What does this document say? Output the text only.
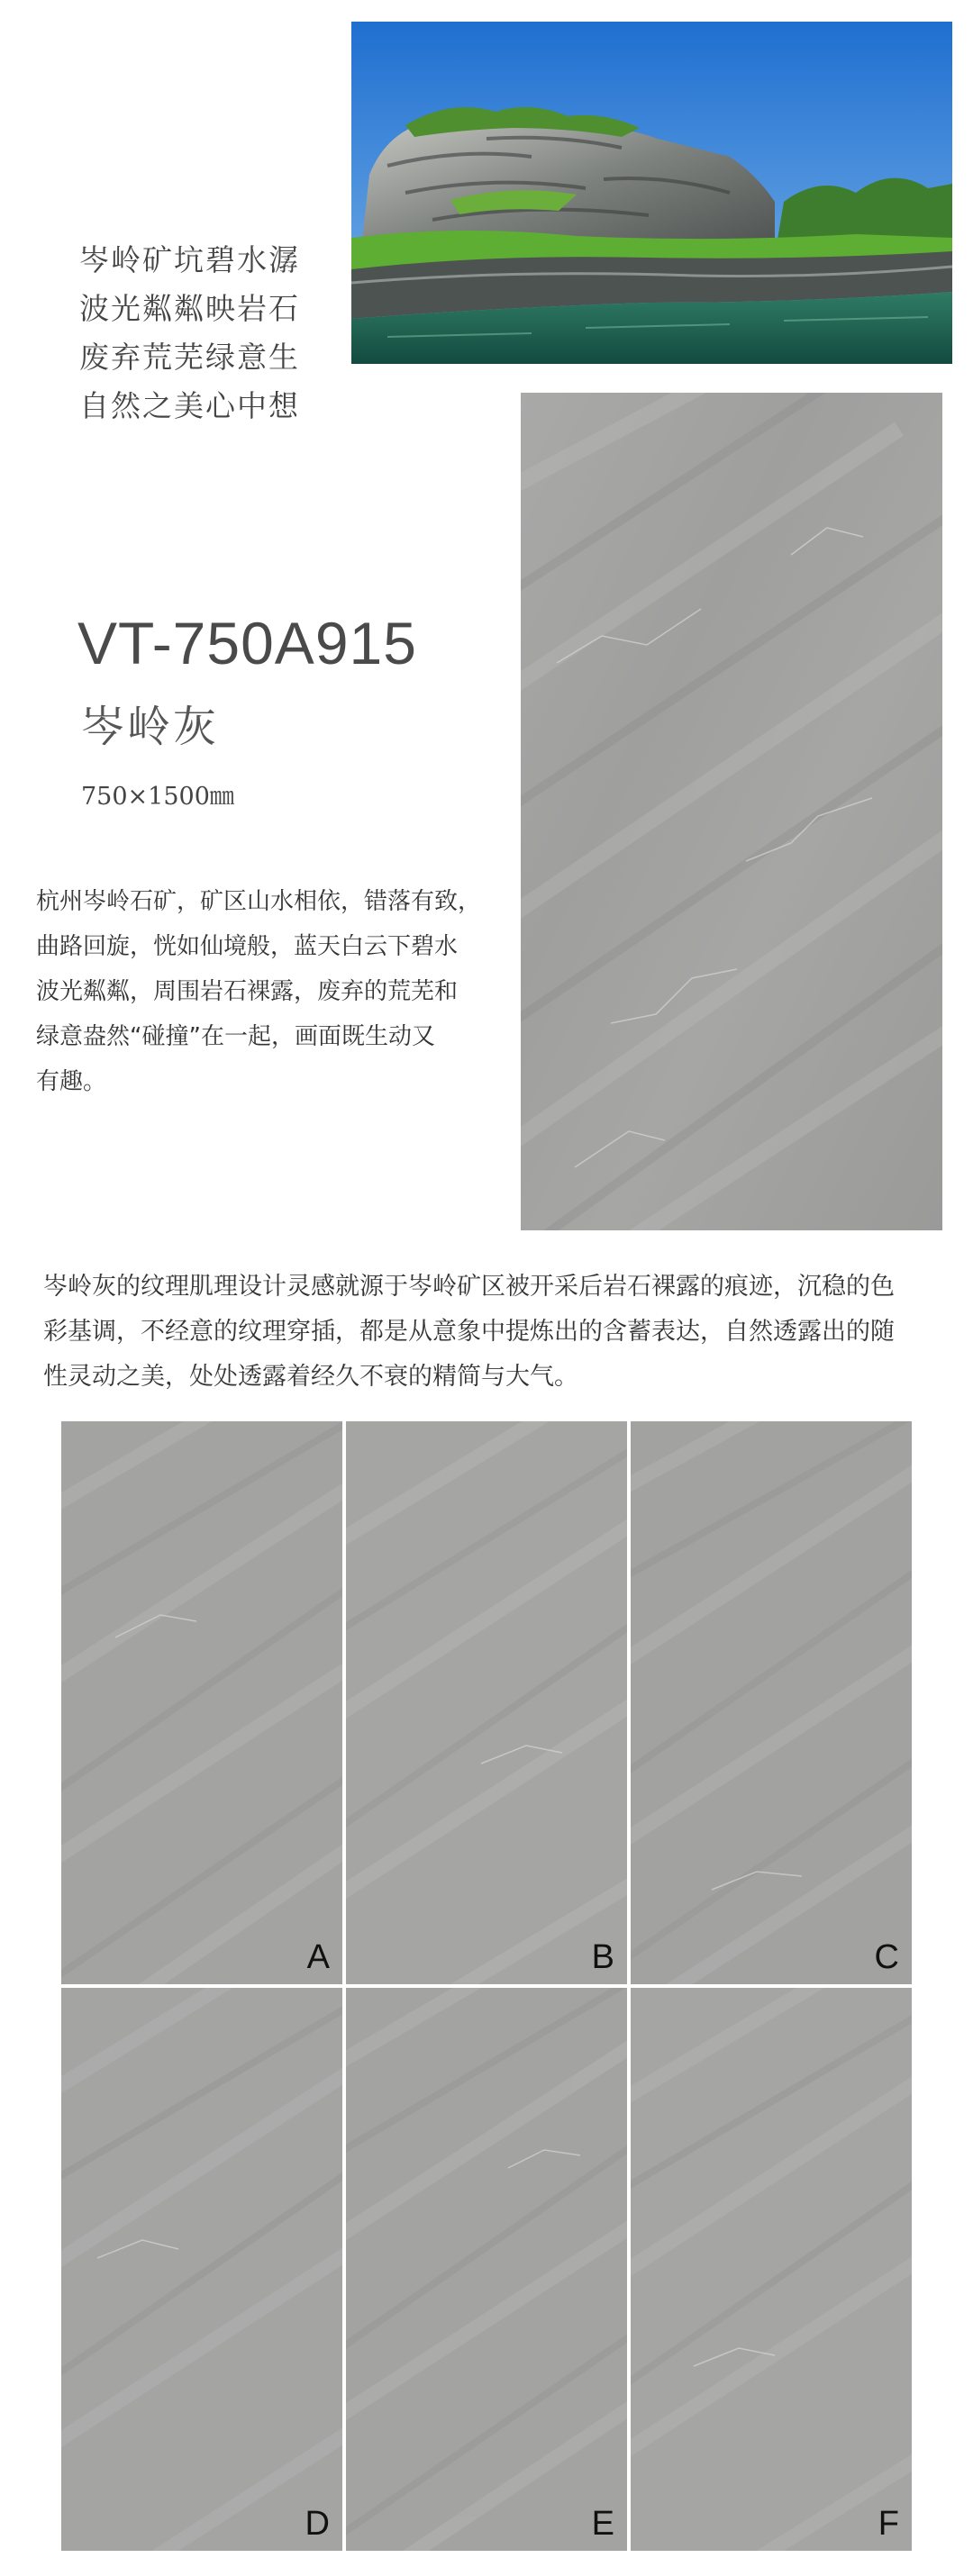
岑岭矿坑碧水潺
波光粼粼映岩石
废弃荒芜绿意生
自然之美心中想
VT-750A915
岑岭灰
750×1500㎜
杭州岑岭石矿，矿区山水相依，错落有致，
曲路回旋，恍如仙境般，蓝天白云下碧水
波光粼粼，周围岩石裸露，废弃的荒芜和
绿意盎然“碰撞”在一起，画面既生动又
有趣。
岑岭灰的纹理肌理设计灵感就源于岑岭矿区被开采后岩石裸露的痕迹，沉稳的色
彩基调，不经意的纹理穿插，都是从意象中提炼出的含蓄表达，自然透露出的随
性灵动之美，处处透露着经久不衰的精简与大气。
A	B	C
D	E	F
